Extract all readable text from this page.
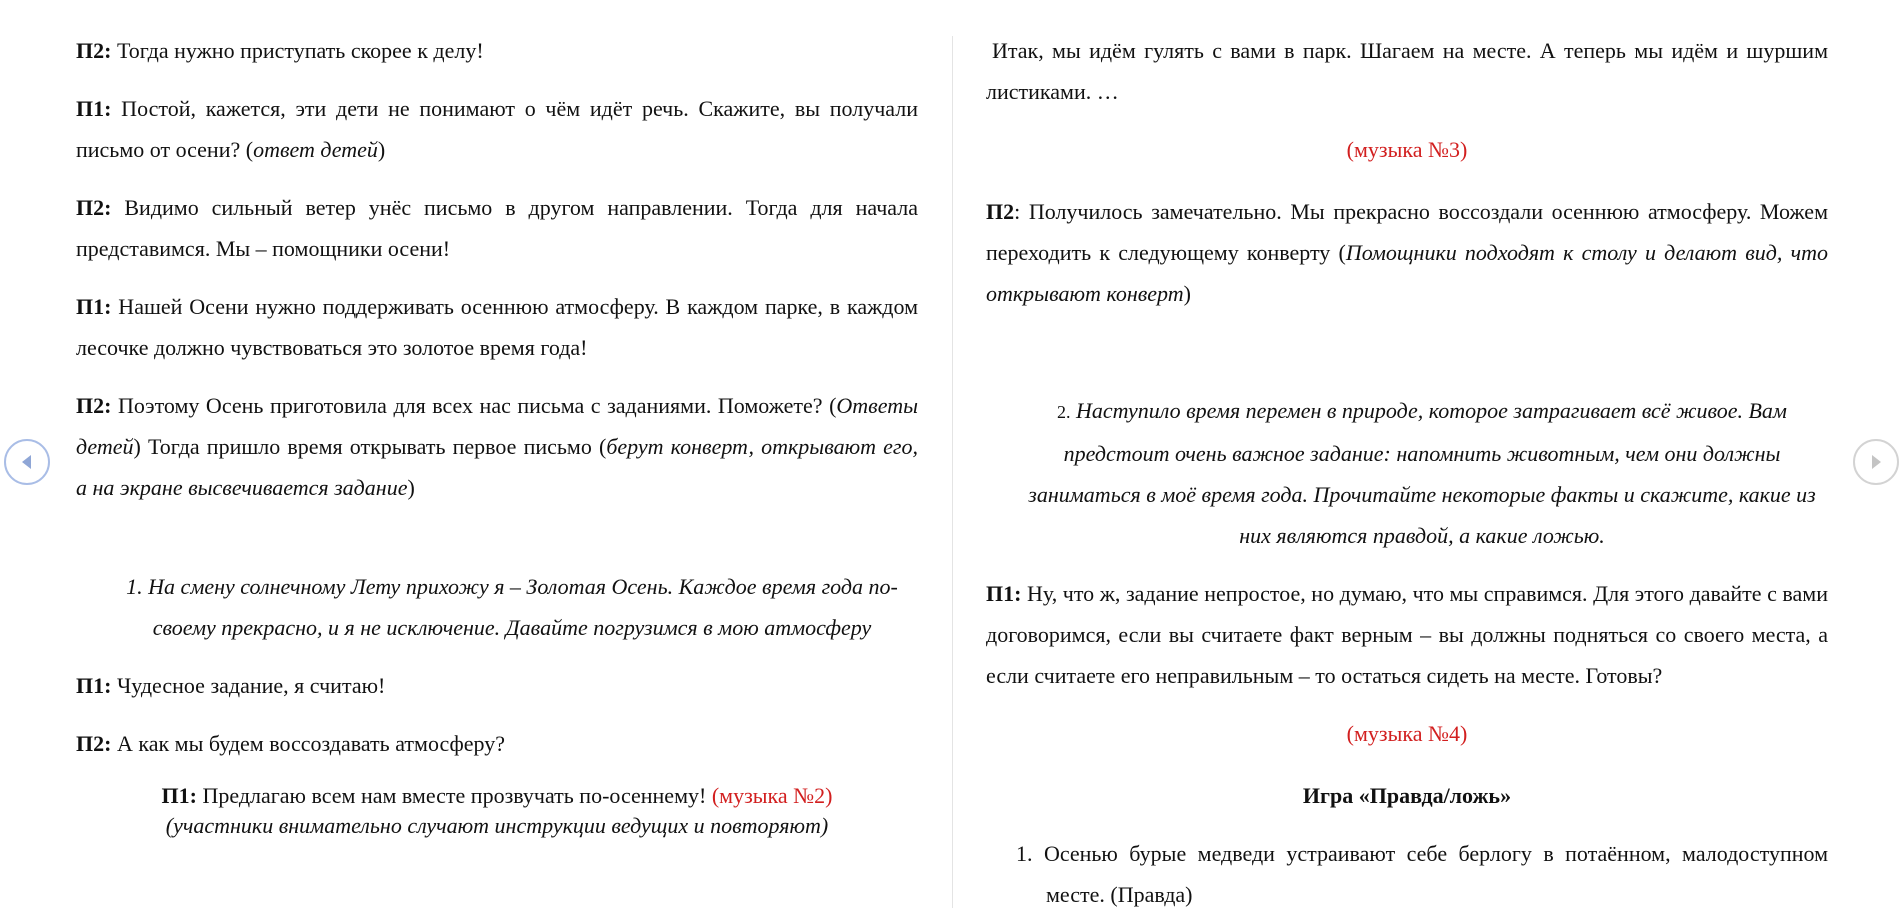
П2: Тогда нужно приступать скорее к делу!

П1: Постой, кажется, эти дети не понимают о чём идёт речь. Скажите, вы получали письмо от осени? (ответ детей)

П2: Видимо сильный ветер унёс письмо в другом направлении. Тогда для начала представимся. Мы – помощники осени!

П1: Нашей Осени нужно поддерживать осеннюю атмосферу. В каждом парке, в каждом лесочке должно чувствоваться это золотое время года!

П2: Поэтому Осень приготовила для всех нас письма с заданиями. Поможете? (Ответы детей) Тогда пришло время открывать первое письмо (берут конверт, открывают его, а на экране высвечивается задание)

1. На смену солнечному Лету прихожу я – Золотая Осень. Каждое время года по-своему прекрасно, и я не исключение. Давайте погрузимся в мою атмосферу

П1: Чудесное задание, я считаю!

П2: А как мы будем воссоздавать атмосферу?

П1: Предлагаю всем нам вместе прозвучать по-осеннему! (музыка №2)
(участники внимательно случают инструкции ведущих и повторяют)

Итак, мы идём гулять с вами в парк. Шагаем на месте. А теперь мы идём и шуршим листиками. …

(музыка №3)

П2: Получилось замечательно. Мы прекрасно воссоздали осеннюю атмосферу. Можем переходить к следующему конверту (Помощники подходят к столу и делают вид, что открывают конверт)

2. Наступило время перемен в природе, которое затрагивает всё живое. Вам предстоит очень важное задание: напомнить животным, чем они должны заниматься в моё время года. Прочитайте некоторые факты и скажите, какие из них являются правдой, а какие ложью.

П1: Ну, что ж, задание непростое, но думаю, что мы справимся. Для этого давайте с вами договоримся, если вы считаете факт верным – вы должны подняться со своего места, а если считаете его неправильным – то остаться сидеть на месте. Готовы?

(музыка №4)

Игра «Правда/ложь»

1. Осенью бурые медведи устраивают себе берлогу в потаённом, малодоступном месте. (Правда)
